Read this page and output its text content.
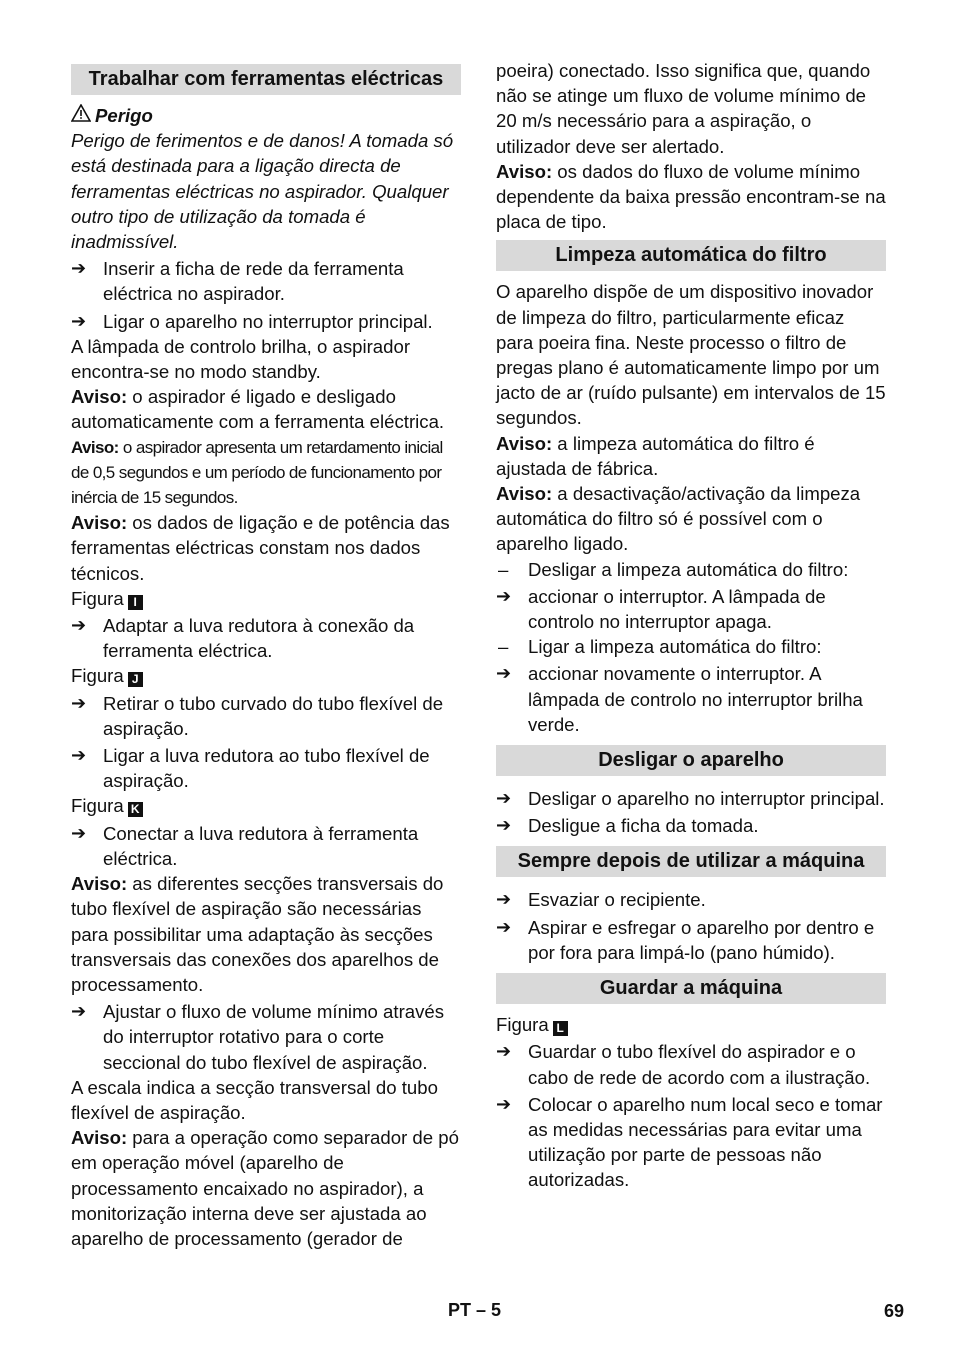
Trabalhar com ferramentas eléctricas

Perigo

Perigo de ferimentos e de danos! A tomada só está destinada para a ligação directa de ferramentas eléctricas no aspirador. Qualquer outro tipo de utilização da tomada é inadmissível.

➔ Inserir a ficha de rede da ferramenta eléctrica no aspirador.
➔ Ligar o aparelho no interruptor principal.

A lâmpada de controlo brilha, o aspirador encontra-se no modo standby.

Aviso: o aspirador é ligado e desligado automaticamente com a ferramenta eléctrica.

Aviso: o aspirador apresenta um retardamento inicial de 0,5 segundos e um período de funcionamento por inércia de 15 segundos.

Aviso: os dados de ligação e de potência das ferramentas eléctricas constam nos dados técnicos.

Figura I

➔ Adaptar a luva redutora à conexão da ferramenta eléctrica.

Figura J

➔ Retirar o tubo curvado do tubo flexível de aspiração.
➔ Ligar a luva redutora ao tubo flexível de aspiração.

Figura K

➔ Conectar a luva redutora à ferramenta eléctrica.

Aviso: as diferentes secções transversais do tubo flexível de aspiração são necessárias para possibilitar uma adaptação às secções transversais das conexões dos aparelhos de processamento.

➔ Ajustar o fluxo de volume mínimo através do interruptor rotativo para o corte seccional do tubo flexível de aspiração.

A escala indica a secção transversal do tubo flexível de aspiração.

Aviso: para a operação como separador de pó em operação móvel (aparelho de processamento encaixado no aspirador), a monitorização interna deve ser ajustada ao aparelho de processamento (gerador de

poeira) conectado. Isso significa que, quando não se atinge um fluxo de volume mínimo de 20 m/s necessário para a aspiração, o utilizador deve ser alertado.

Aviso: os dados do fluxo de volume mínimo dependente da baixa pressão encontram-se na placa de tipo.

Limpeza automática do filtro

O aparelho dispõe de um dispositivo inovador de limpeza do filtro, particularmente eficaz para poeira fina. Neste processo o filtro de pregas plano é automaticamente limpo por um jacto de ar (ruído pulsante) em intervalos de 15 segundos.

Aviso: a limpeza automática do filtro é ajustada de fábrica.

Aviso: a desactivação/activação da limpeza automática do filtro só é possível com o aparelho ligado.

– Desligar a limpeza automática do filtro:
➔ accionar o interruptor. A lâmpada de controlo no interruptor apaga.
– Ligar a limpeza automática do filtro:
➔ accionar novamente o interruptor. A lâmpada de controlo no interruptor brilha verde.
Desligar o aparelho
➔ Desligar o aparelho no interruptor principal.
➔ Desligue a ficha da tomada.
Sempre depois de utilizar a máquina
➔ Esvaziar o recipiente.
➔ Aspirar e esfregar o aparelho por dentro e por fora para limpá-lo (pano húmido).
Guardar a máquina

Figura L

➔ Guardar o tubo flexível do aspirador e o cabo de rede de acordo com a ilustração.
➔ Colocar o aparelho num local seco e tomar as medidas necessárias para evitar uma utilização por parte de pessoas não autorizadas.
PT – 5	69
